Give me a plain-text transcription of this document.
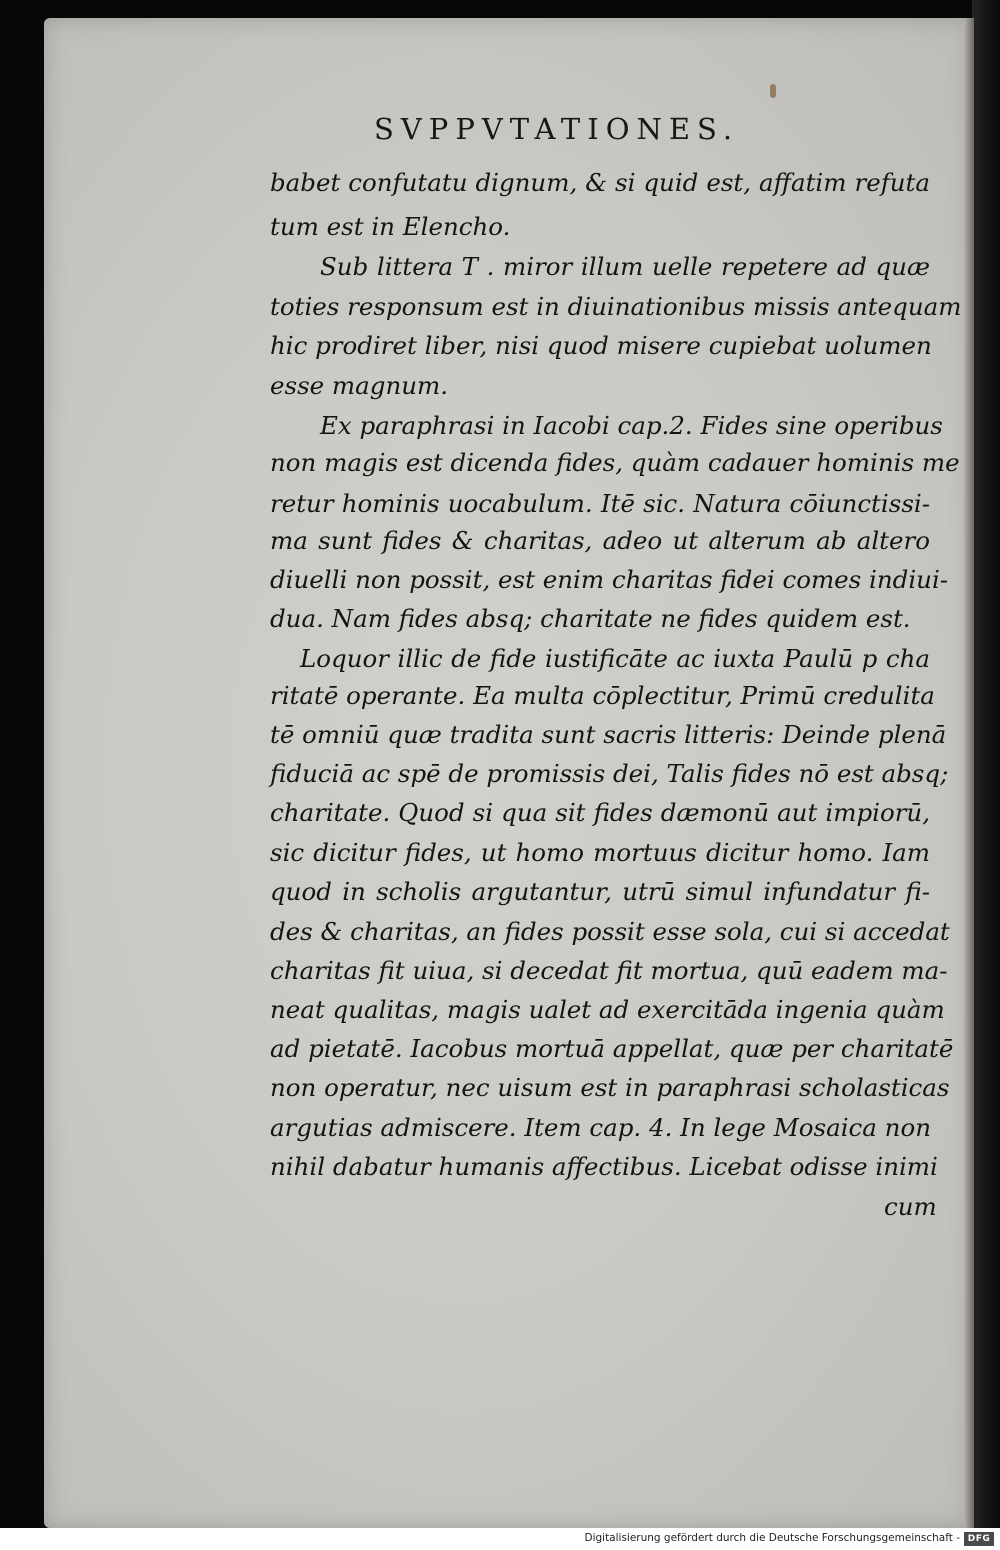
SVPPVTATIONES.
babet confutatu dignum, & si quid est, affatim refuta
tum est in Elencho.
Sub littera T . miror illum uelle repetere ad quæ
toties responsum est in diuinationibus missis antequam
hic prodiret liber, nisi quod misere cupiebat uolumen
esse magnum.
Ex paraphrasi in Iacobi cap.2. Fides sine operibus
non magis est dicenda fides, quàm cadauer hominis me
retur hominis uocabulum. Itē sic. Natura cōiunctissi-
ma sunt fides & charitas, adeo ut alterum ab altero
diuelli non possit, est enim charitas fidei comes indiui-
dua. Nam fides absq; charitate ne fides quidem est.
Loquor illic de fide iustificāte ac iuxta Paulū p cha
ritatē operante. Ea multa cōplectitur, Primū credulita
tē omniū quæ tradita sunt sacris litteris: Deinde plenā
fiduciā ac spē de promissis dei, Talis fides nō est absq;
charitate. Quod si qua sit fides dæmonū aut impiorū,
sic dicitur fides, ut homo mortuus dicitur homo. Iam
quod in scholis argutantur, utrū simul infundatur fi-
des & charitas, an fides possit esse sola, cui si accedat
charitas fit uiua, si decedat fit mortua, quū eadem ma-
neat qualitas, magis ualet ad exercitāda ingenia quàm
ad pietatē. Iacobus mortuā appellat, quæ per charitatē
non operatur, nec uisum est in paraphrasi scholasticas
argutias admiscere. Item cap. 4. In lege Mosaica non
nihil dabatur humanis affectibus. Licebat odisse inimi
cum
Digitalisierung gefördert durch die Deutsche Forschungsgemeinschaft - DFG
